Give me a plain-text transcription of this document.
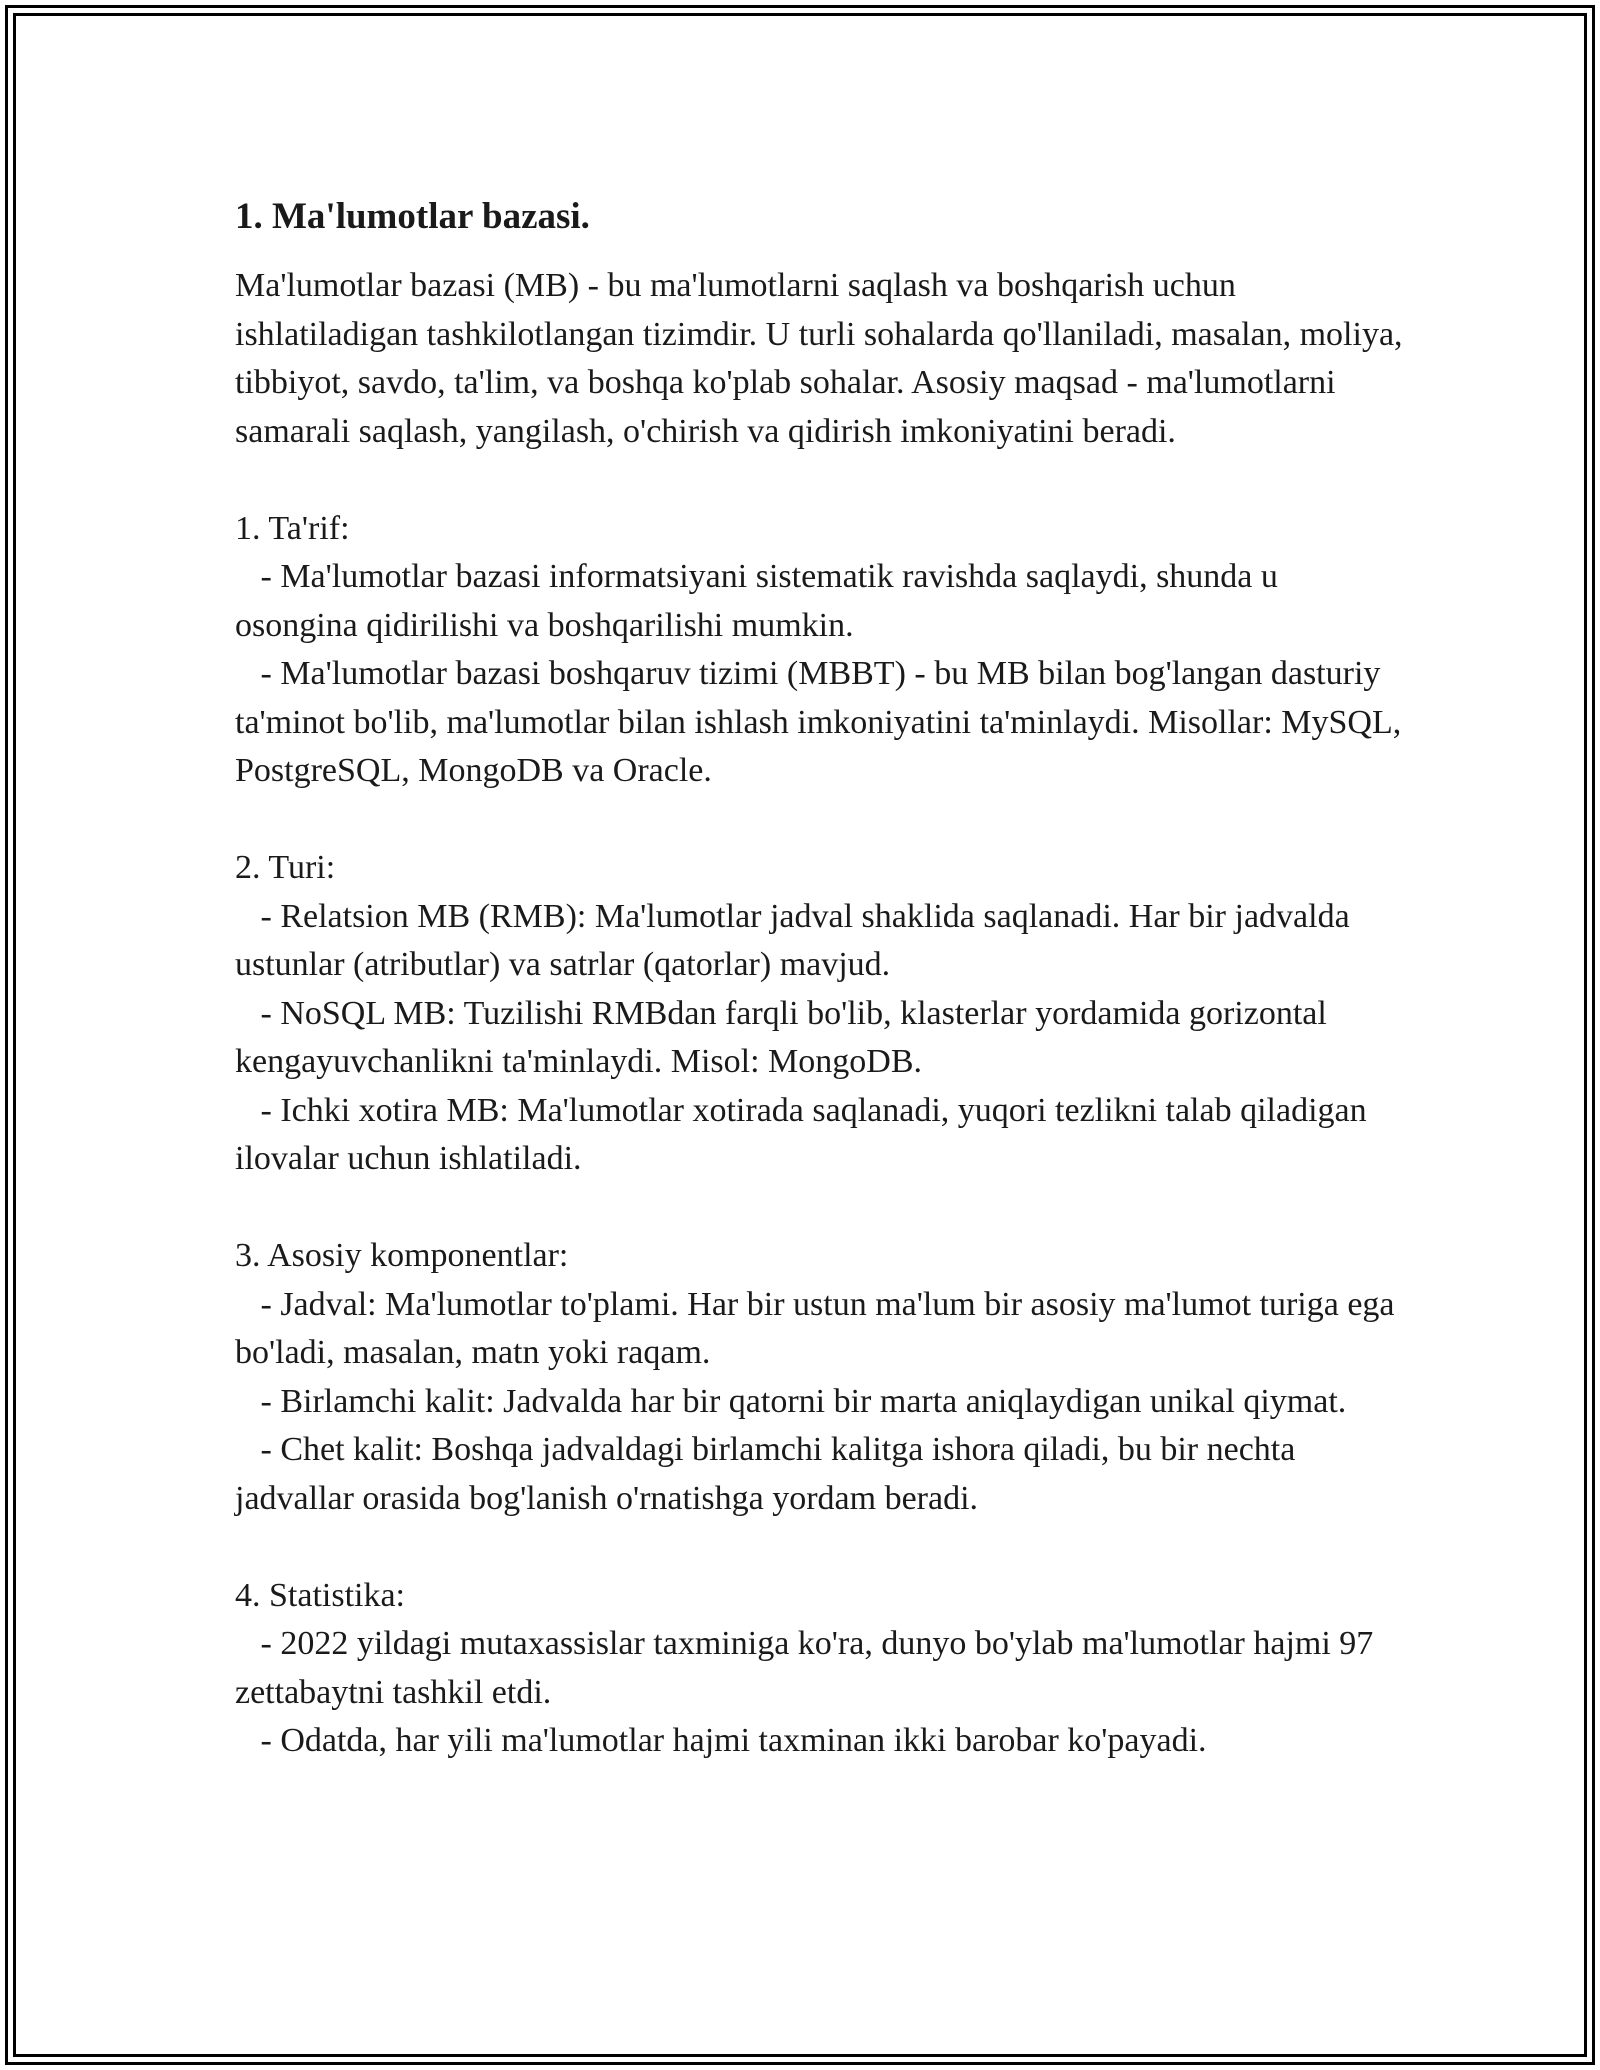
1. Ma'lumotlar bazasi.

Ma'lumotlar bazasi (MB) - bu ma'lumotlarni saqlash va boshqarish uchun ishlatiladigan tashkilotlangan tizimdir. U turli sohalarda qo'llaniladi, masalan, moliya, tibbiyot, savdo, ta'lim, va boshqa ko'plab sohalar. Asosiy maqsad - ma'lumotlarni samarali saqlash, yangilash, o'chirish va qidirish imkoniyatini beradi.

1. Ta'rif:

- Ma'lumotlar bazasi informatsiyani sistematik ravishda saqlaydi, shunda u osongina qidirilishi va boshqarilishi mumkin.

- Ma'lumotlar bazasi boshqaruv tizimi (MBBT) - bu MB bilan bog'langan dasturiy ta'minot bo'lib, ma'lumotlar bilan ishlash imkoniyatini ta'minlaydi. Misollar: MySQL, PostgreSQL, MongoDB va Oracle.

2. Turi:

- Relatsion MB (RMB): Ma'lumotlar jadval shaklida saqlanadi. Har bir jadvalda ustunlar (atributlar) va satrlar (qatorlar) mavjud.

- NoSQL MB: Tuzilishi RMBdan farqli bo'lib, klasterlar yordamida gorizontal kengayuvchanlikni ta'minlaydi. Misol: MongoDB.

- Ichki xotira MB: Ma'lumotlar xotirada saqlanadi, yuqori tezlikni talab qiladigan ilovalar uchun ishlatiladi.

3. Asosiy komponentlar:

- Jadval: Ma'lumotlar to'plami. Har bir ustun ma'lum bir asosiy ma'lumot turiga ega bo'ladi, masalan, matn yoki raqam.

- Birlamchi kalit: Jadvalda har bir qatorni bir marta aniqlaydigan unikal qiymat.

- Chet kalit: Boshqa jadvaldagi birlamchi kalitga ishora qiladi, bu bir nechta jadvallar orasida bog'lanish o'rnatishga yordam beradi.

4. Statistika:

- 2022 yildagi mutaxassislar taxminiga ko'ra, dunyo bo'ylab ma'lumotlar hajmi 97 zettabaytni tashkil etdi.

- Odatda, har yili ma'lumotlar hajmi taxminan ikki barobar ko'payadi.
